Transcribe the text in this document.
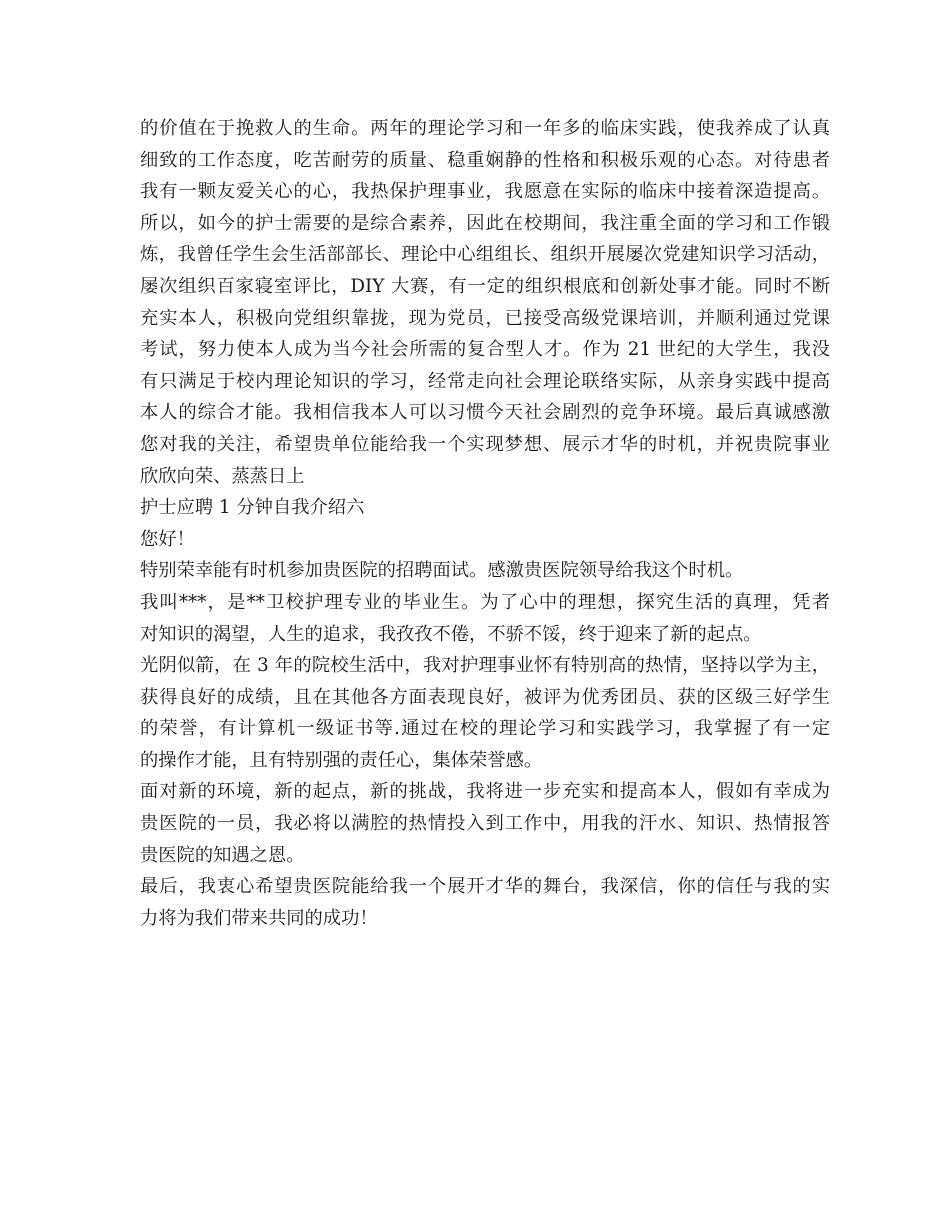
的价值在于挽救人的生命。两年的理论学习和一年多的临床实践，使我养成了认真
细致的工作态度，吃苦耐劳的质量、稳重娴静的性格和积极乐观的心态。对待患者
我有一颗友爱关心的心，我热保护理事业，我愿意在实际的临床中接着深造提高。
所以，如今的护士需要的是综合素养，因此在校期间，我注重全面的学习和工作锻
炼，我曾任学生会生活部部长、理论中心组组长、组织开展屡次党建知识学习活动，
屡次组织百家寝室评比，DIY 大赛，有一定的组织根底和创新处事才能。同时不断
充实本人，积极向党组织靠拢，现为党员，已接受高级党课培训，并顺利通过党课
考试，努力使本人成为当今社会所需的复合型人才。作为 21 世纪的大学生，我没
有只满足于校内理论知识的学习，经常走向社会理论联络实际，从亲身实践中提高
本人的综合才能。我相信我本人可以习惯今天社会剧烈的竞争环境。最后真诚感激
您对我的关注，希望贵单位能给我一个实现梦想、展示才华的时机，并祝贵院事业
欣欣向荣、蒸蒸日上
护士应聘 1 分钟自我介绍六
您好！
特别荣幸能有时机参加贵医院的招聘面试。感激贵医院领导给我这个时机。
我叫***，是**卫校护理专业的毕业生。为了心中的理想，探究生活的真理，凭者
对知识的渴望，人生的追求，我孜孜不倦，不骄不馁，终于迎来了新的起点。
光阴似箭，在 3 年的院校生活中，我对护理事业怀有特别高的热情，坚持以学为主，
获得良好的成绩，且在其他各方面表现良好，被评为优秀团员、获的区级三好学生
的荣誉，有计算机一级证书等.通过在校的理论学习和实践学习，我掌握了有一定
的操作才能，且有特别强的责任心，集体荣誉感。
面对新的环境，新的起点，新的挑战，我将进一步充实和提高本人，假如有幸成为
贵医院的一员，我必将以满腔的热情投入到工作中，用我的汗水、知识、热情报答
贵医院的知遇之恩。
最后，我衷心希望贵医院能给我一个展开才华的舞台，我深信，你的信任与我的实
力将为我们带来共同的成功！
